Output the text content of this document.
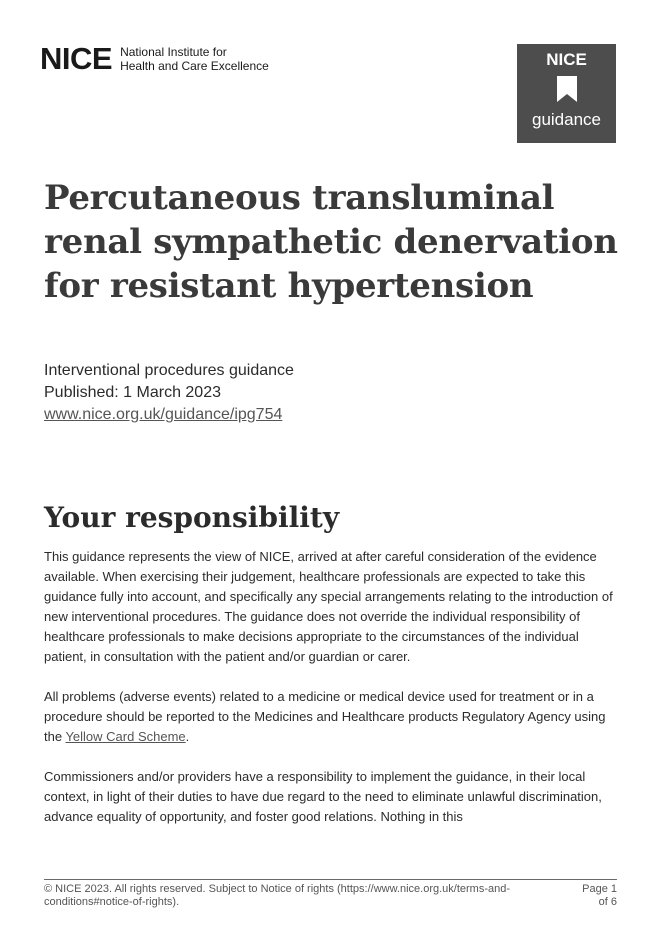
NICE National Institute for
Health and Care Excellence	NICE
guidance
Percutaneous transluminal renal sympathetic denervation for resistant hypertension
Interventional procedures guidance
Published: 1 March 2023
www.nice.org.uk/guidance/ipg754
Your responsibility

This guidance represents the view of NICE, arrived at after careful consideration of the evidence available. When exercising their judgement, healthcare professionals are expected to take this guidance fully into account, and specifically any special arrangements relating to the introduction of new interventional procedures. The guidance does not override the individual responsibility of healthcare professionals to make decisions appropriate to the circumstances of the individual patient, in consultation with the patient and/or guardian or carer.

All problems (adverse events) related to a medicine or medical device used for treatment or in a procedure should be reported to the Medicines and Healthcare products Regulatory Agency using the Yellow Card Scheme.

Commissioners and/or providers have a responsibility to implement the guidance, in their local context, in light of their duties to have due regard to the need to eliminate unlawful discrimination, advance equality of opportunity, and foster good relations. Nothing in this

© NICE 2023. All rights reserved. Subject to Notice of rights (https://www.nice.org.uk/terms-and-conditions#notice-of-rights).
Page 1
of 6
